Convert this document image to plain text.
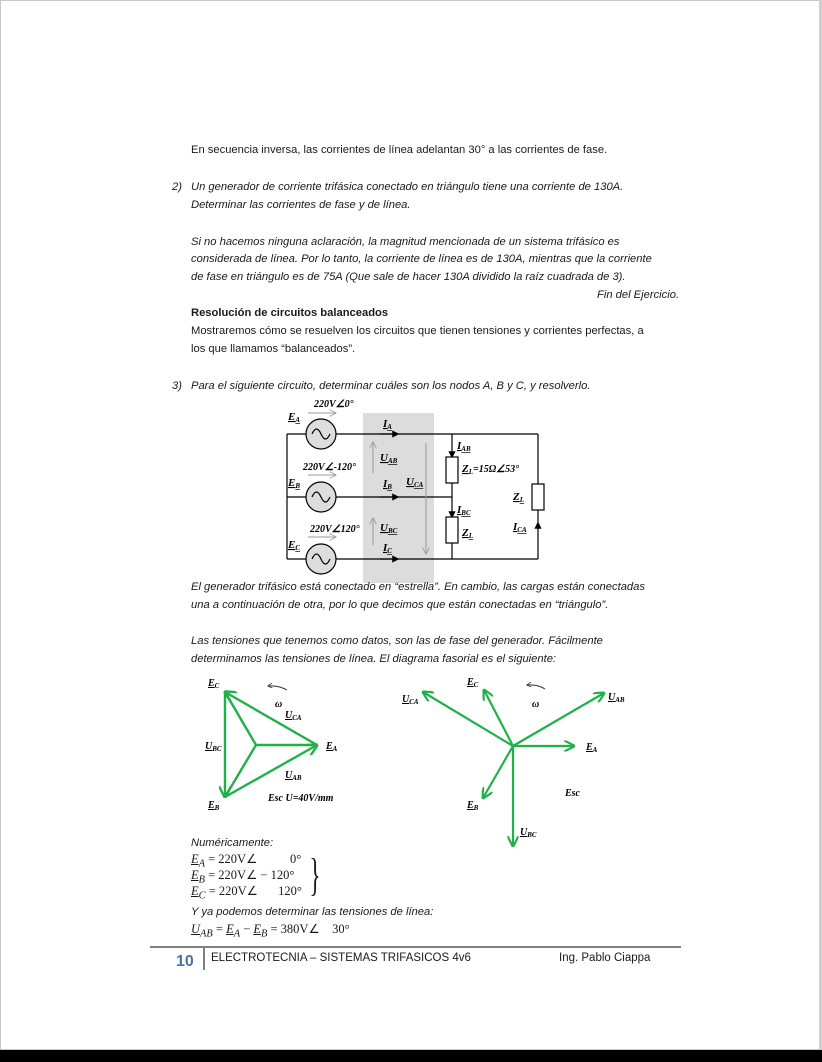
En secuencia inversa, las corrientes de línea adelantan 30° a las corrientes de fase.
2) Un generador de corriente trifásica conectado en triángulo tiene una corriente de 130A.
Determinar las corrientes de fase y de línea.
Si no hacemos ninguna aclaración, la magnitud mencionada de un sistema trifásico es
considerada de línea. Por lo tanto, la corriente de línea es de 130A, mientras que la corriente
de fase en triángulo es de 75A (Que sale de hacer 130A dividido la raíz cuadrada de 3).
Fin del Ejercicio.
Resolución de circuitos balanceados
Mostraremos cómo se resuelven los circuitos que tienen tensiones y corrientes perfectas, a
los que llamamos “balanceados”.
3) Para el siguiente circuito, determinar cuáles son los nodos A, B y C, y resolverlo.
220V∠0°
220V∠-120°
220V∠120°
EA
EB
EC
IA
IB
IC
UAB
UBC
UCA
IAB
IBC
ICA
ZL=15Ω∠53°
ZL
ZL
El generador trifásico está conectado en “estrella”. En cambio, las cargas están conectadas
una a continuación de otra, por lo que decimos que están conectadas en “triángulo”.
Las tensiones que tenemos como datos, son las de fase del generador. Fácilmente
determinamos las tensiones de línea. El diagrama fasorial es el siguiente:
$E_C$
$U_{BC}$	$E_A$
$E_B$
$U_{CA}$
$U_{AB}$
ω
Esc U=40V/mm
$U_{CA}$
$E_C$
$U_{AB}$
$E_A$
$E_B$
$U_{BC}$
ω
Esc
Numéricamente:
$E_A$ = 220V∠	0°
$E_B$ = 220V∠ − 120°
$E_C$ = 220V∠ 120° }
Y ya podemos determinar las tensiones de línea:
$U_{AB} = E_A - E_B$ = 380V∠ 30°
10 ELECTROTECNIA – SISTEMAS TRIFASICOS 4v6	Ing. Pablo Ciappa
